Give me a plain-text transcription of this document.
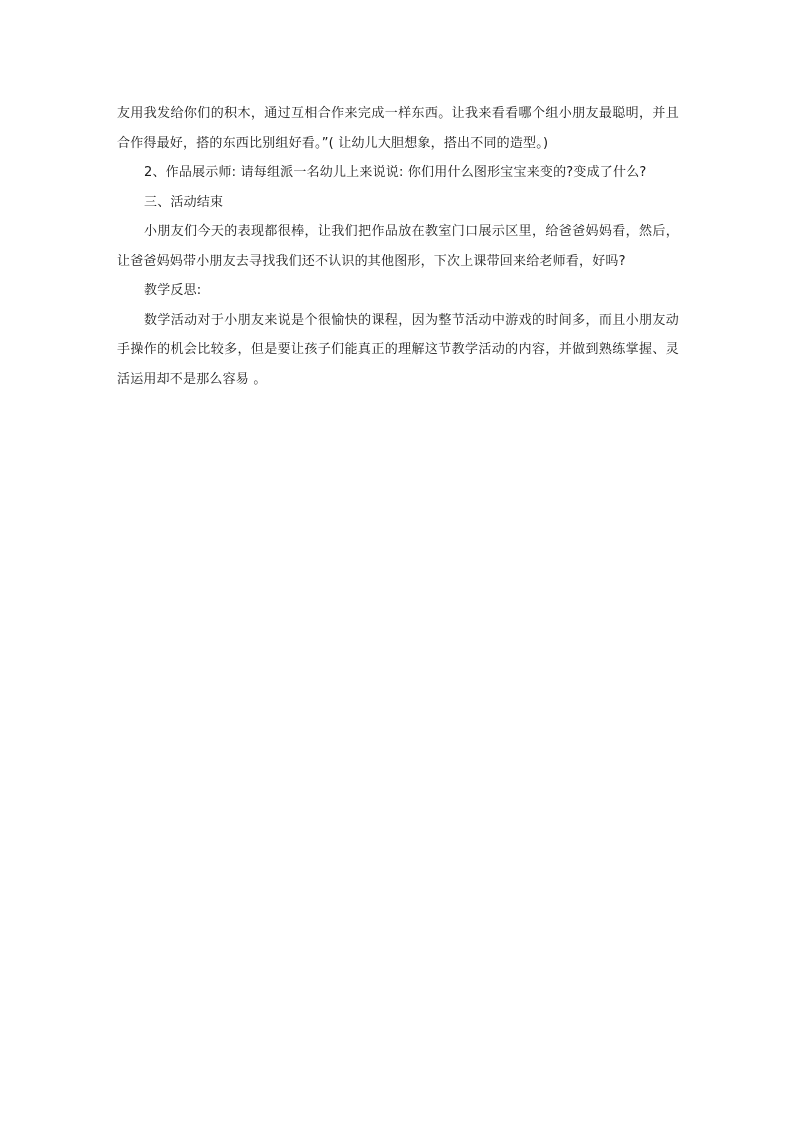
友用我发给你们的积木，通过互相合作来完成一样东西。让我来看看哪个组小朋友最聪明，并且合作得最好，搭的东西比别组好看。”( 让幼儿大胆想象，搭出不同的造型。)

2、作品展示师: 请每组派一名幼儿上来说说: 你们用什么图形宝宝来变的?变成了什么?

三、活动结束

小朋友们今天的表现都很棒，让我们把作品放在教室门口展示区里，给爸爸妈妈看，然后，让爸爸妈妈带小朋友去寻找我们还不认识的其他图形，下次上课带回来给老师看，好吗?

教学反思:

数学活动对于小朋友来说是个很愉快的课程，因为整节活动中游戏的时间多，而且小朋友动手操作的机会比较多，但是要让孩子们能真正的理解这节教学活动的内容，并做到熟练掌握、灵活运用却不是那么容易 。
